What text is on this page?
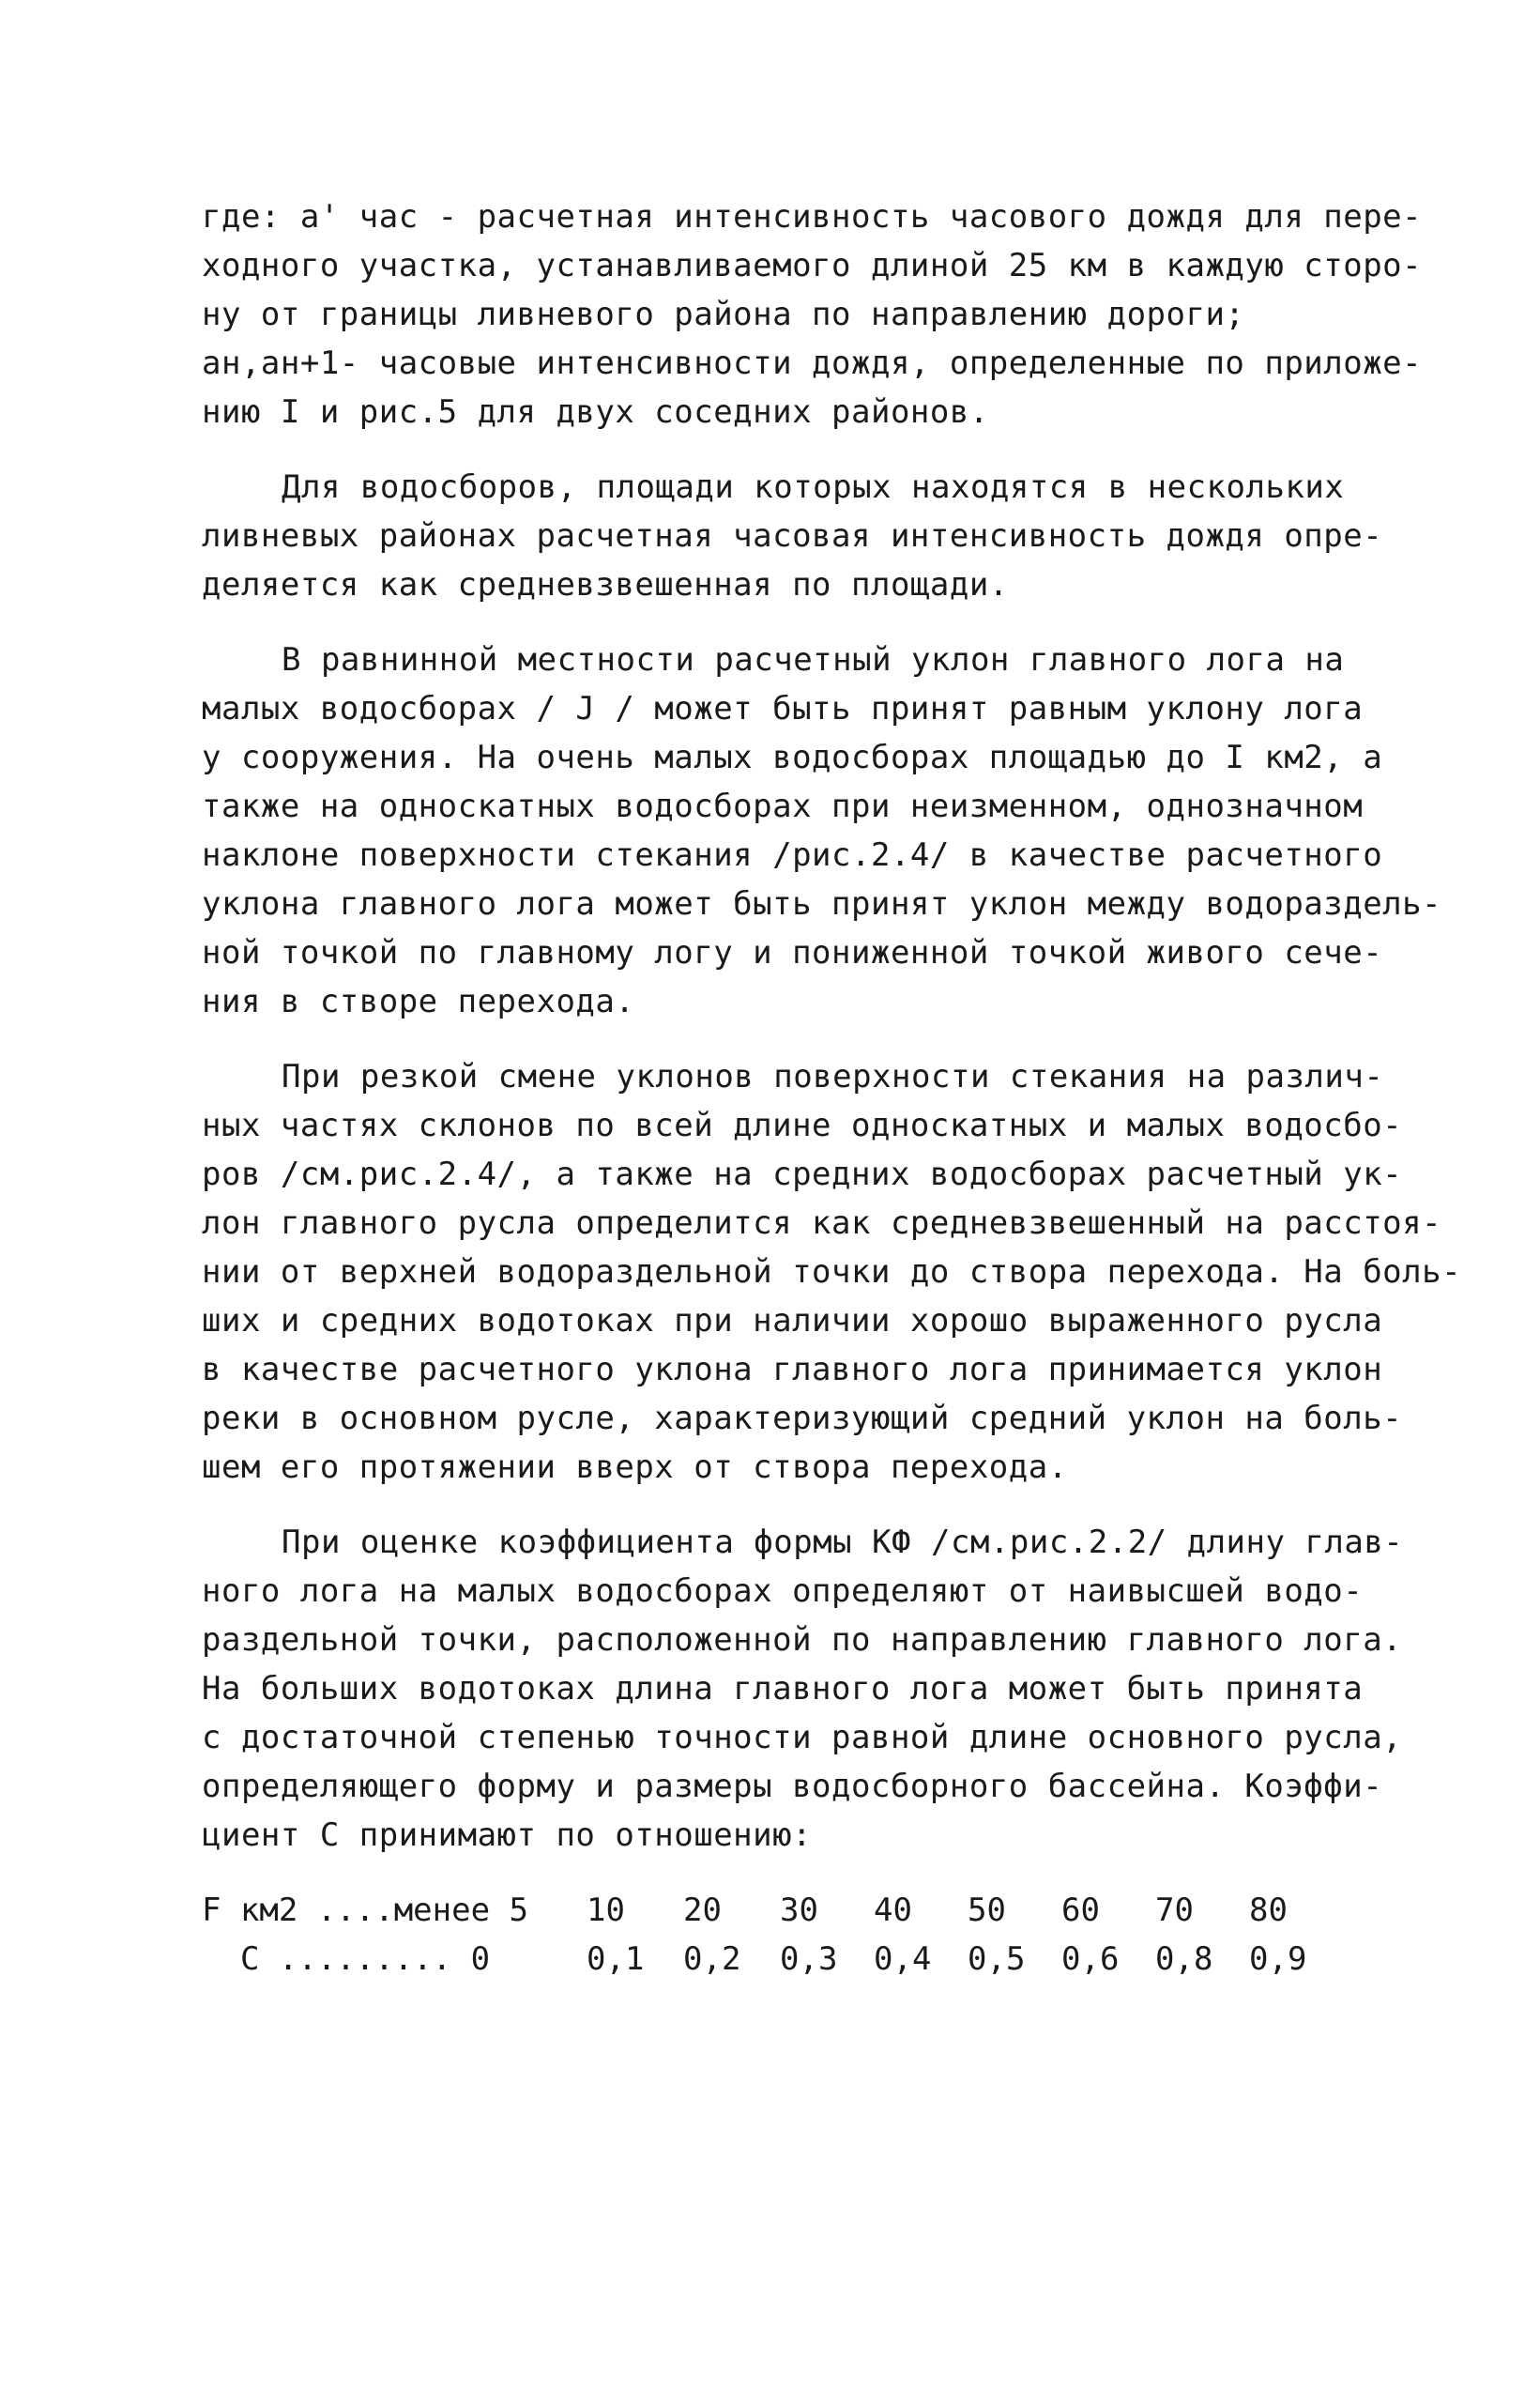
где: a' час - расчетная интенсивность часового дождя для пере-
ходного участка, устанавливаемого длиной 25 км в каждую сторо-
ну от границы ливневого района по направлению дороги;
aн,aн+1- часовые интенсивности дождя, определенные по приложе-
нию I и рис.5 для двух соседних районов.
Для водосборов, площади которых находятся в нескольких
ливневых районах расчетная часовая интенсивность дождя опре-
деляется как средневзвешенная по площади.
В равнинной местности расчетный уклон главного лога на
малых водосборах / J / может быть принят равным уклону лога
у сооружения. На очень малых водосборах площадью до I км2, а
также на односкатных водосборах при неизменном, однозначном
наклоне поверхности стекания /рис.2.4/ в качестве расчетного
уклона главного лога может быть принят уклон между водораздель-
ной точкой по главному логу и пониженной точкой живого сече-
ния в створе перехода.
При резкой смене уклонов поверхности стекания на различ-
ных частях склонов по всей длине односкатных и малых водосбо-
ров /см.рис.2.4/, а также на средних водосборах расчетный ук-
лон главного русла определится как средневзвешенный на расстоя-
нии от верхней водораздельной точки до створа перехода. На боль-
ших и средних водотоках при наличии хорошо выраженного русла
в качестве расчетного уклона главного лога принимается уклон
реки в основном русле, характеризующий средний уклон на боль-
шем его протяжении вверх от створа перехода.
При оценке коэффициента формы КФ /см.рис.2.2/ длину глав-
ного лога на малых водосборах определяют от наивысшей водо-
раздельной точки, расположенной по направлению главного лога.
На больших водотоках длина главного лога может быть принята
с достаточной степенью точности равной длине основного русла,
определяющего форму и размеры водосборного бассейна. Коэффи-
циент С принимают по отношению:
F км2 ....менее 5	10	20	30	40	50	60	70	80
С ......... 0	0,1	0,2	0,3	0,4	0,5	0,6	0,8	0,9
